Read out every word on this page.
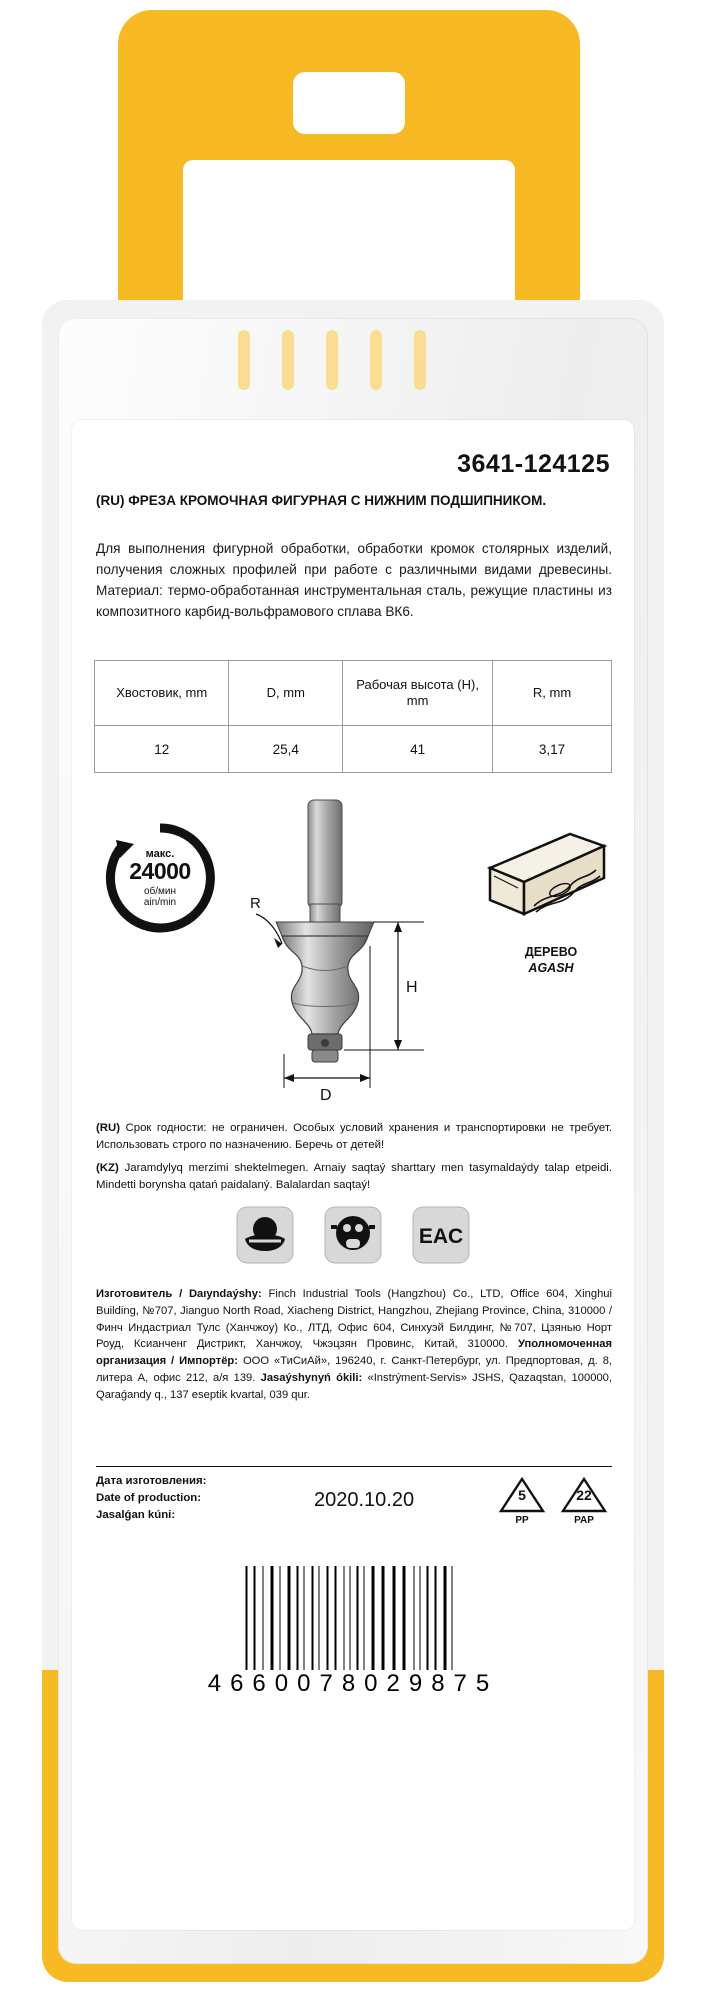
3641-124125
(RU) ФРЕЗА КРОМОЧНАЯ ФИГУРНАЯ С НИЖНИМ ПОДШИПНИКОМ.
Для выполнения фигурной обработки, обработки кромок столярных изделий, получения сложных профилей при работе с различными видами древесины. Материал: термо-обработанная инструментальная сталь, режущие пластины из композитного карбид-вольфрамового сплава ВК6.
Хвостовик, mm	D, mm	Рабочая высота (H), mm	R, mm
12	25,4	41	3,17
макс.
24000
об/мин
ain/min
ДЕРЕВО
AGASH
R
H
D
(RU) Срок годности: не ограничен. Особых условий хранения и транспортировки не требует. Использовать строго по назначению. Беречь от детей!
(KZ) Jaramdylyq merzimi shektelmegen. Arnaiy saqtaý sharttary men tasymaldaýdy talap etpeidi. Mindetti borynsha qatań paidalaný. Balalardan saqtaý!
EAC
Изготовитель / Daıyndaýshy: Finch Industrial Tools (Hangzhou) Co., LTD, Office 604, Xinghui Building, №707, Jianguo North Road, Xiacheng District, Hangzhou, Zhejiang Province, China, 310000 / Финч Индастриал Тулс (Ханчжоу) Ко., ЛТД, Офис 604, Синхуэй Билдинг, №707, Цзянью Норт Роуд, Ксианченг Дистрикт, Ханчжоу, Чжэцзян Провинс, Китай, 310000. Уполномоченная организация / Импортёр: ООО «ТиСиАй», 196240, г. Санкт-Петербург, ул. Предпортовая, д. 8, литера А, офис 212, а/я 139. Jasaýshynyń ókili: «Instrýment-Servis» JSHS, Qazaqstan, 100000, Qaraǵandy q., 137 eseptik kvartal, 039 qur.
Дата изготовления:
Date of production:
Jasalǵan kúni:
2020.10.20	5
PP
22
PAP
4660078029875
